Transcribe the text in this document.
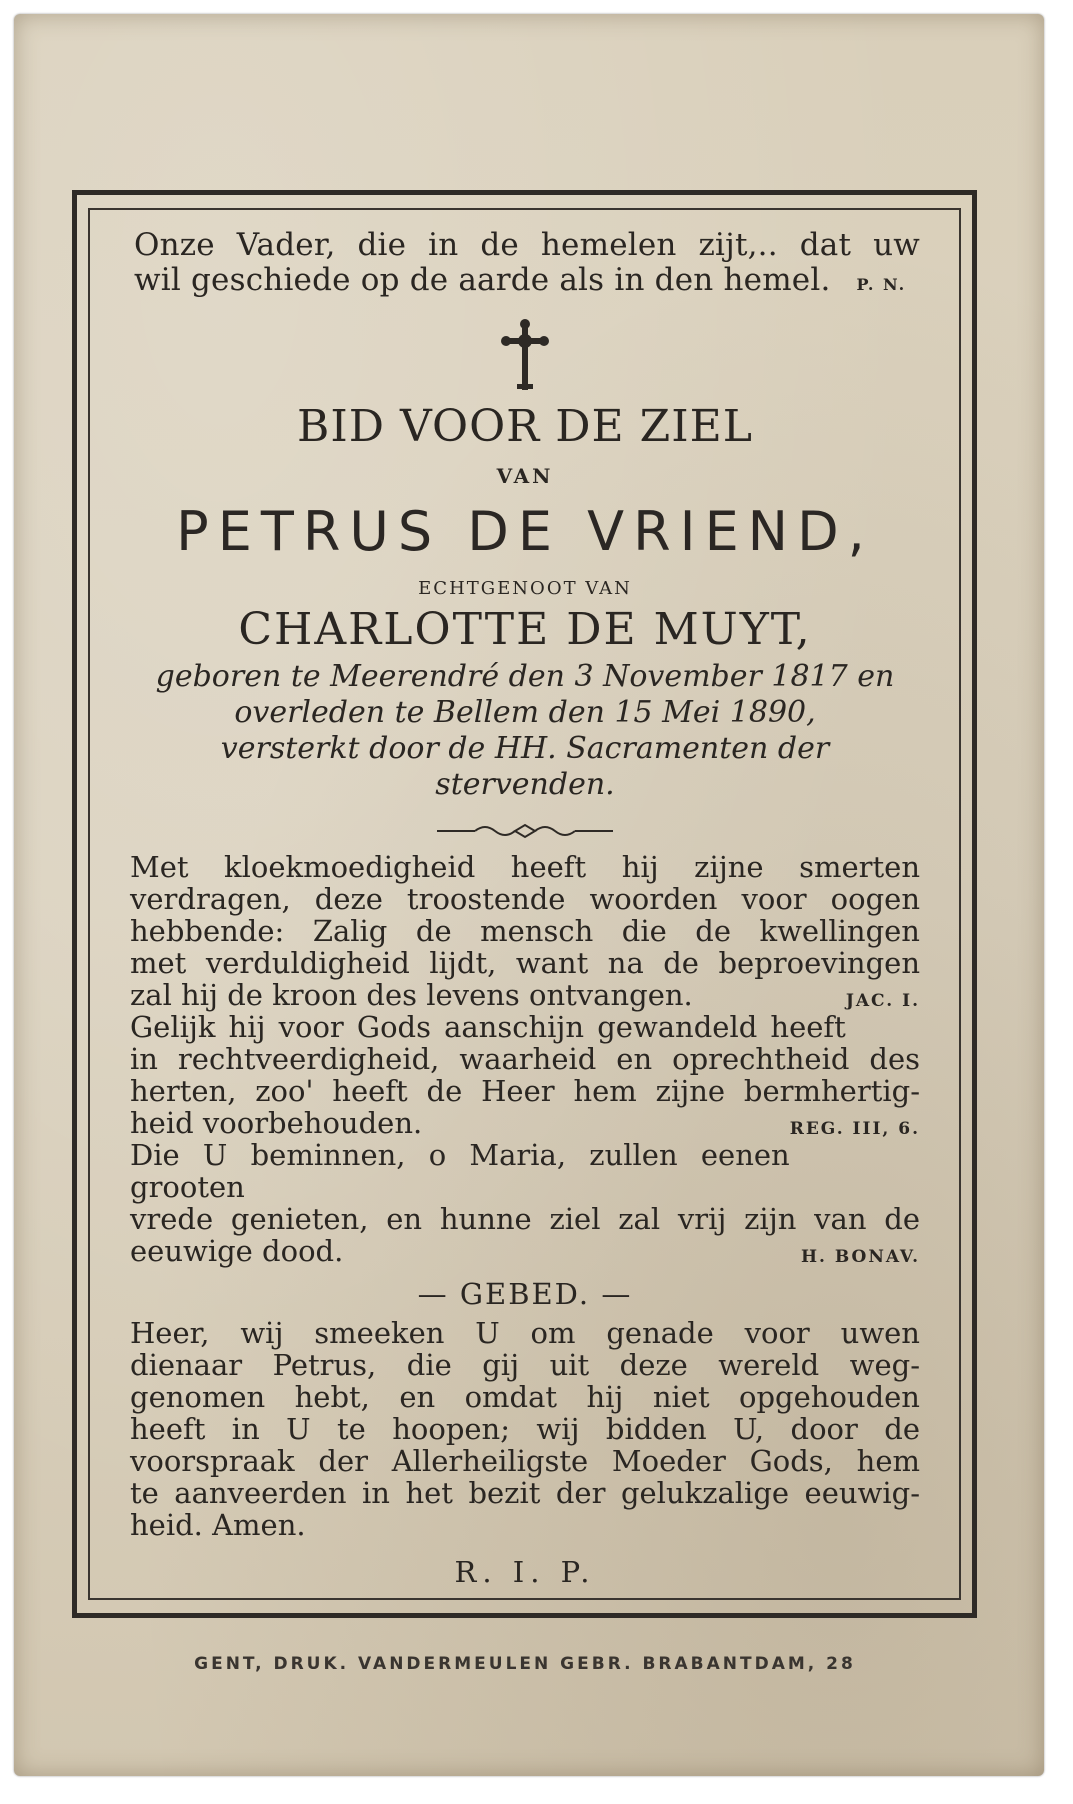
Onze Vader, die in de hemelen zijt,.. dat uw
wil geschiede op de aarde als in den hemel. P. N.
BID VOOR DE ZIEL
VAN
PETRUS DE VRIEND,
ECHTGENOOT VAN
CHARLOTTE DE MUYT,
geboren te Meerendré den 3 November 1817 en
overleden te Bellem den 15 Mei 1890,
versterkt door de HH. Sacramenten der stervenden.
Met kloekmoedigheid heeft hij zijne smerten
verdragen, deze troostende woorden voor oogen
hebbende: Zalig de mensch die de kwellingen
met verduldigheid lijdt, want na de beproevingen
zal hij de kroon des levens ontvangen.	JAC. I.
Gelijk hij voor Gods aanschijn gewandeld heeft
in rechtveerdigheid, waarheid en oprechtheid des
herten, zoo' heeft de Heer hem zijne bermhertig-
heid voorbehouden.	REG. III, 6.
Die U beminnen, o Maria, zullen eenen grooten
vrede genieten, en hunne ziel zal vrij zijn van de
eeuwige dood.	H. BONAV.
— GEBED. —
Heer, wij smeeken U om genade voor uwen
dienaar Petrus, die gij uit deze wereld weg-
genomen hebt, en omdat hij niet opgehouden
heeft in U te hoopen; wij bidden U, door de
voorspraak der Allerheiligste Moeder Gods, hem
te aanveerden in het bezit der gelukzalige eeuwig-
heid. Amen.
R. I. P.
GENT, DRUK. VANDERMEULEN GEBR. BRABANTDAM, 28
